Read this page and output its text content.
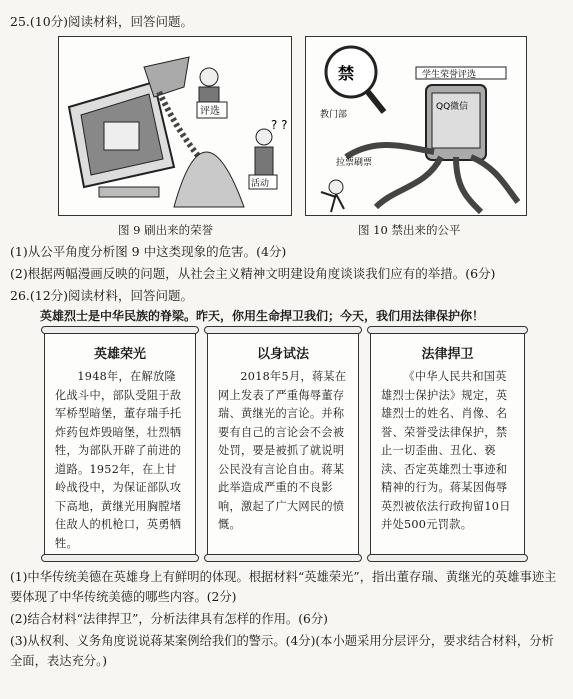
25.(10分)阅读材料，回答问题。
评选
活动
? ?
禁
教门部
学生荣誉评选
QQ微信
拉票刷票
图 9 刷出来的荣誉	图 10 禁出来的公平
(1)从公平角度分析图 9 中这类现象的危害。(4分)
(2)根据两幅漫画反映的问题，从社会主义精神文明建设角度谈谈我们应有的举措。(6分)
26.(12分)阅读材料，回答问题。
英雄烈士是中华民族的脊梁。昨天，你用生命捍卫我们；今天，我们用法律保护你！
英雄荣光
1948年，在解放隆化战斗中，部队受阻于敌军桥型暗堡，董存瑞手托炸药包炸毁暗堡，壮烈牺牲，为部队开辟了前进的道路。1952年，在上甘岭战役中，为保证部队攻下高地，黄继光用胸膛堵住敌人的机枪口，英勇牺牲。
以身试法
2018年5月，蒋某在网上发表了严重侮辱董存瑞、黄继光的言论。并称要有自己的言论会不会被处罚，要是被抓了就说明公民没有言论自由。蒋某此举造成严重的不良影响，激起了广大网民的愤慨。
法律捍卫
《中华人民共和国英雄烈士保护法》规定，英雄烈士的姓名、肖像、名誉、荣誉受法律保护，禁止一切歪曲、丑化、亵渎、否定英雄烈士事迹和精神的行为。蒋某因侮辱英烈被依法行政拘留10日并处500元罚款。
(1)中华传统美德在英雄身上有鲜明的体现。根据材料“英雄荣光”，指出董存瑞、黄继光的英雄事迹主要体现了中华传统美德的哪些内容。(2分)
(2)结合材料“法律捍卫”，分析法律具有怎样的作用。(6分)
(3)从权利、义务角度说说蒋某案例给我们的警示。(4分)(本小题采用分层评分，要求结合材料，分析全面，表达充分。)
